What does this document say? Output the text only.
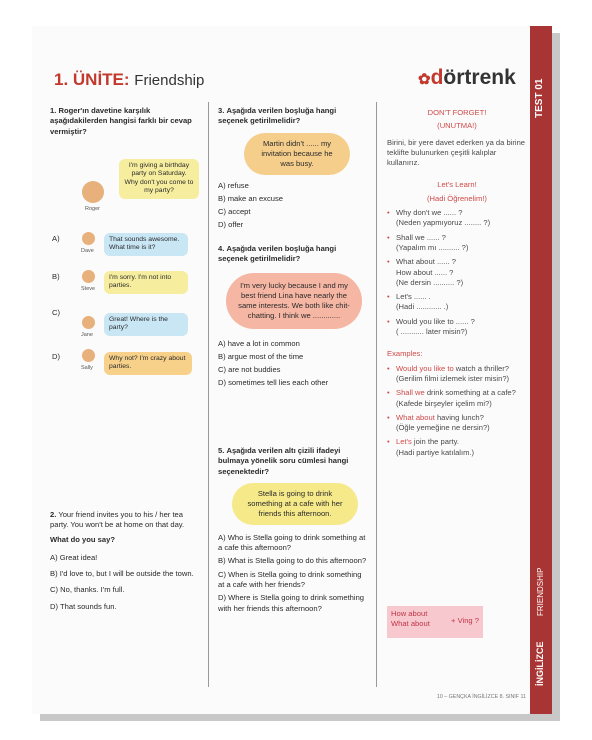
1. ÜNİTE: Friendship	✿dörtrenk
TEST 01
İNGİLİZCE
FRIENDSHIP
1. Roger'ın davetine karşılık aşağıdakilerden hangisi farklı bir cevap vermiştir?
I'm giving a birthday party on Saturday. Why don't you come to my party?
Roger
A)
Dave
That sounds awesome. What time is it?
B)
Steve
I'm sorry. I'm not into parties.
C)
Jane
Great! Where is the party?
D)
Sally
Why not? I'm crazy about parties.
2. Your friend invites you to his / her tea party. You won't be at home on that day.
What do you say?
A) Great idea!
B) I'd love to, but I will be outside the town.
C) No, thanks. I'm full.
D) That sounds fun.
3. Aşağıda verilen boşluğa hangi seçenek getirilmelidir?
Martin didn't ...... my invitation because he was busy.
A) refuse
B) make an excuse
C) accept
D) offer
4. Aşağıda verilen boşluğa hangi seçenek getirilmelidir?
I'm very lucky because I and my best friend Lina have nearly the same interests. We both like chit-chatting. I think we .............
A) have a lot in common
B) argue most of the time
C) are not buddies
D) sometimes tell lies each other
5. Aşağıda verilen altı çizili ifadeyi bulmaya yönelik soru cümlesi hangi seçenektedir?
Stella is going to drink something at a cafe with her friends this afternoon.
A) Who is Stella going to drink something at a cafe this afternoon?
B) What is Stella going to do this afternoon?
C) When is Stella going to drink something at a cafe with her friends?
D) Where is Stella going to drink something with her friends this afternoon?
DON'T FORGET!
(UNUTMA!)
Birini, bir yere davet ederken ya da birine teklifte bulunurken çeşitli kalıplar kullanırız.
Let's Learn!
(Hadi Öğrenelim!)
• Why don't we ...... ?
(Neden yapmıyoruz ........ ?)
• Shall we ...... ?
(Yapalım mı .......... ?)
• What about ...... ?
How about ...... ?
(Ne dersin .......... ?)
• Let's ...... .
(Hadi ............ .)
• Would you like to ...... ?
( ........... later misin?)
Examples:
• Would you like to watch a thriller?
(Gerilim filmi izlemek ister misin?)
• Shall we drink something at a cafe?
(Kafede birşeyler içelim mi?)
• What about having lunch?
(Öğle yemeğine ne dersin?)
• Let's join the party.
(Hadi partiye katılalım.)
How about
What about	+ Ving ?
10 – GENÇKA İNGİLİZCE 8. SINIF 11
